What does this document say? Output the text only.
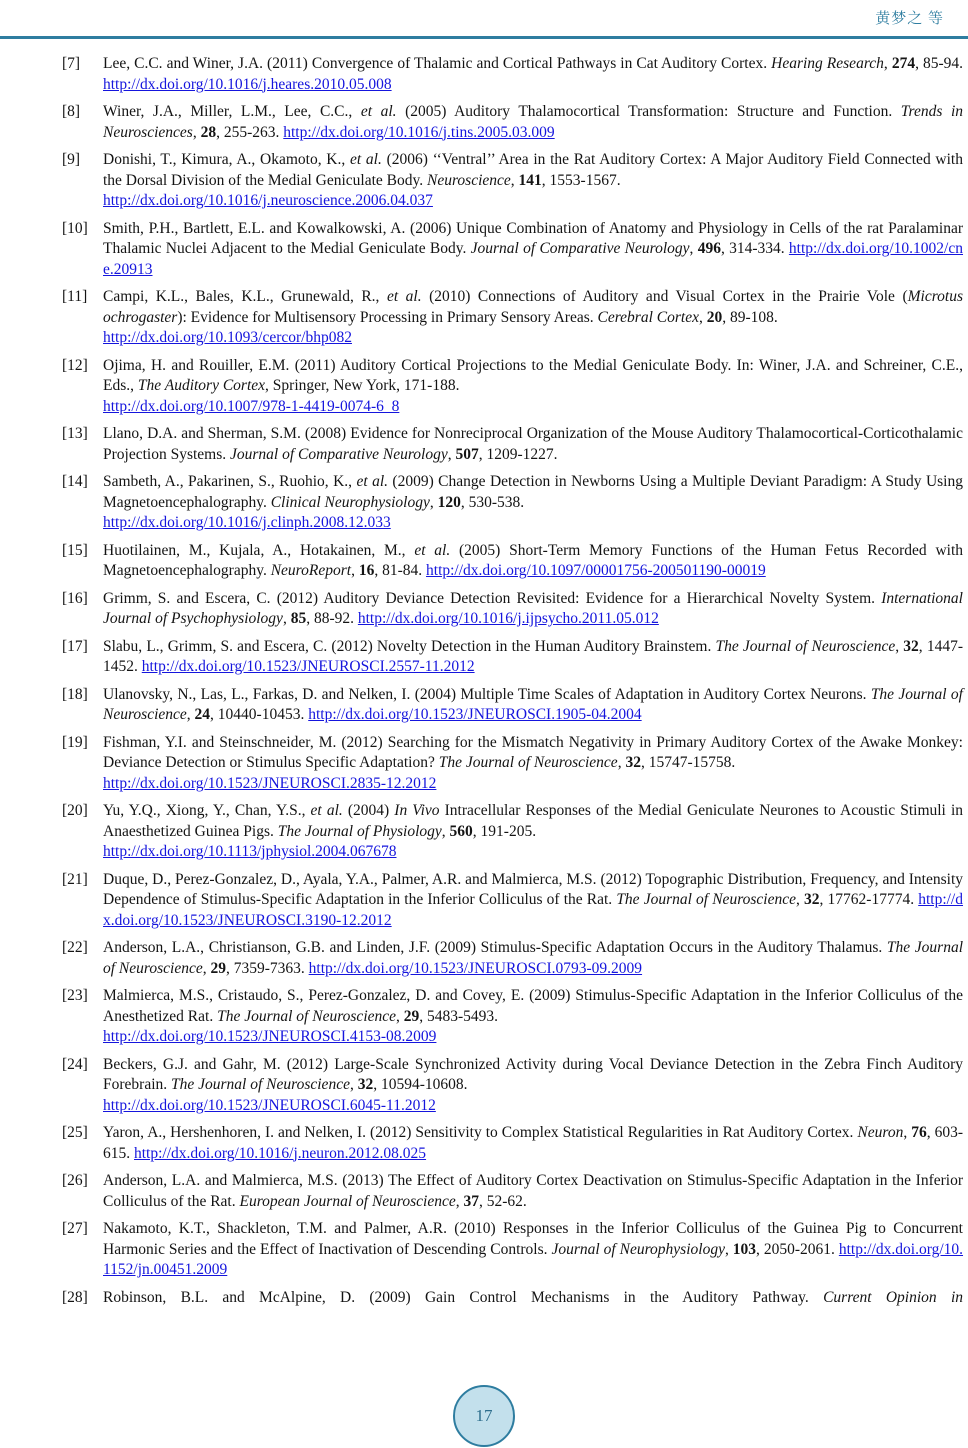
黄梦之 等
[7]	Lee, C.C. and Winer, J.A. (2011) Convergence of Thalamic and Cortical Pathways in Cat Auditory Cortex. Hearing Research, 274, 85-94. http://dx.doi.org/10.1016/j.heares.2010.05.008

[8]	Winer, J.A., Miller, L.M., Lee, C.C., et al. (2005) Auditory Thalamocortical Transformation: Structure and Function. Trends in Neurosciences, 28, 255-263. http://dx.doi.org/10.1016/j.tins.2005.03.009

[9]	Donishi, T., Kimura, A., Okamoto, K., et al. (2006) ‘‘Ventral’’ Area in the Rat Auditory Cortex: A Major Auditory Field Connected with the Dorsal Division of the Medial Geniculate Body. Neuroscience, 141, 1553-1567.
http://dx.doi.org/10.1016/j.neuroscience.2006.04.037

[10] Smith, P.H., Bartlett, E.L. and Kowalkowski, A. (2006) Unique Combination of Anatomy and Physiology in Cells of the rat Paralaminar Thalamic Nuclei Adjacent to the Medial Geniculate Body. Journal of Comparative Neurology, 496, 314-334. http://dx.doi.org/10.1002/cne.20913

[11]	Campi, K.L., Bales, K.L., Grunewald, R., et al. (2010) Connections of Auditory and Visual Cortex in the Prairie Vole (Microtus ochrogaster): Evidence for Multisensory Processing in Primary Sensory Areas. Cerebral Cortex, 20, 89-108.
http://dx.doi.org/10.1093/cercor/bhp082

[12] Ojima, H. and Rouiller, E.M. (2011) Auditory Cortical Projections to the Medial Geniculate Body. In: Winer, J.A. and Schreiner, C.E., Eds., The Auditory Cortex, Springer, New York, 171-188.
http://dx.doi.org/10.1007/978-1-4419-0074-6_8

[13] Llano, D.A. and Sherman, S.M. (2008) Evidence for Nonreciprocal Organization of the Mouse Auditory Thalamocortical-Corticothalamic Projection Systems. Journal of Comparative Neurology, 507, 1209-1227.

[14] Sambeth, A., Pakarinen, S., Ruohio, K., et al. (2009) Change Detection in Newborns Using a Multiple Deviant Paradigm: A Study Using Magnetoencephalography. Clinical Neurophysiology, 120, 530-538.
http://dx.doi.org/10.1016/j.clinph.2008.12.033

[15] Huotilainen, M., Kujala, A., Hotakainen, M., et al. (2005) Short-Term Memory Functions of the Human Fetus Recorded with Magnetoencephalography. NeuroReport, 16, 81-84. http://dx.doi.org/10.1097/00001756-200501190-00019

[16] Grimm, S. and Escera, C. (2012) Auditory Deviance Detection Revisited: Evidence for a Hierarchical Novelty System. International Journal of Psychophysiology, 85, 88-92. http://dx.doi.org/10.1016/j.ijpsycho.2011.05.012

[17] Slabu, L., Grimm, S. and Escera, C. (2012) Novelty Detection in the Human Auditory Brainstem. The Journal of Neuroscience, 32, 1447-1452. http://dx.doi.org/10.1523/JNEUROSCI.2557-11.2012

[18] Ulanovsky, N., Las, L., Farkas, D. and Nelken, I. (2004) Multiple Time Scales of Adaptation in Auditory Cortex Neurons. The Journal of Neuroscience, 24, 10440-10453. http://dx.doi.org/10.1523/JNEUROSCI.1905-04.2004

[19] Fishman, Y.I. and Steinschneider, M. (2012) Searching for the Mismatch Negativity in Primary Auditory Cortex of the Awake Monkey: Deviance Detection or Stimulus Specific Adaptation? The Journal of Neuroscience, 32, 15747-15758.
http://dx.doi.org/10.1523/JNEUROSCI.2835-12.2012

[20] Yu, Y.Q., Xiong, Y., Chan, Y.S., et al. (2004) In Vivo Intracellular Responses of the Medial Geniculate Neurones to Acoustic Stimuli in Anaesthetized Guinea Pigs. The Journal of Physiology, 560, 191-205.
http://dx.doi.org/10.1113/jphysiol.2004.067678

[21] Duque, D., Perez-Gonzalez, D., Ayala, Y.A., Palmer, A.R. and Malmierca, M.S. (2012) Topographic Distribution, Frequency, and Intensity Dependence of Stimulus-Specific Adaptation in the Inferior Colliculus of the Rat. The Journal of Neuroscience, 32, 17762-17774. http://dx.doi.org/10.1523/JNEUROSCI.3190-12.2012

[22] Anderson, L.A., Christianson, G.B. and Linden, J.F. (2009) Stimulus-Specific Adaptation Occurs in the Auditory Thalamus. The Journal of Neuroscience, 29, 7359-7363. http://dx.doi.org/10.1523/JNEUROSCI.0793-09.2009

[23] Malmierca, M.S., Cristaudo, S., Perez-Gonzalez, D. and Covey, E. (2009) Stimulus-Specific Adaptation in the Inferior Colliculus of the Anesthetized Rat. The Journal of Neuroscience, 29, 5483-5493.
http://dx.doi.org/10.1523/JNEUROSCI.4153-08.2009

[24] Beckers, G.J. and Gahr, M. (2012) Large-Scale Synchronized Activity during Vocal Deviance Detection in the Zebra Finch Auditory Forebrain. The Journal of Neuroscience, 32, 10594-10608.
http://dx.doi.org/10.1523/JNEUROSCI.6045-11.2012

[25] Yaron, A., Hershenhoren, I. and Nelken, I. (2012) Sensitivity to Complex Statistical Regularities in Rat Auditory Cortex. Neuron, 76, 603-615. http://dx.doi.org/10.1016/j.neuron.2012.08.025

[26] Anderson, L.A. and Malmierca, M.S. (2013) The Effect of Auditory Cortex Deactivation on Stimulus-Specific Adaptation in the Inferior Colliculus of the Rat. European Journal of Neuroscience, 37, 52-62.

[27] Nakamoto, K.T., Shackleton, T.M. and Palmer, A.R. (2010) Responses in the Inferior Colliculus of the Guinea Pig to Concurrent Harmonic Series and the Effect of Inactivation of Descending Controls. Journal of Neurophysiology, 103, 2050-2061. http://dx.doi.org/10.1152/jn.00451.2009

[28] Robinson, B.L. and McAlpine, D. (2009) Gain Control Mechanisms in the Auditory Pathway. Current Opinion in

17
